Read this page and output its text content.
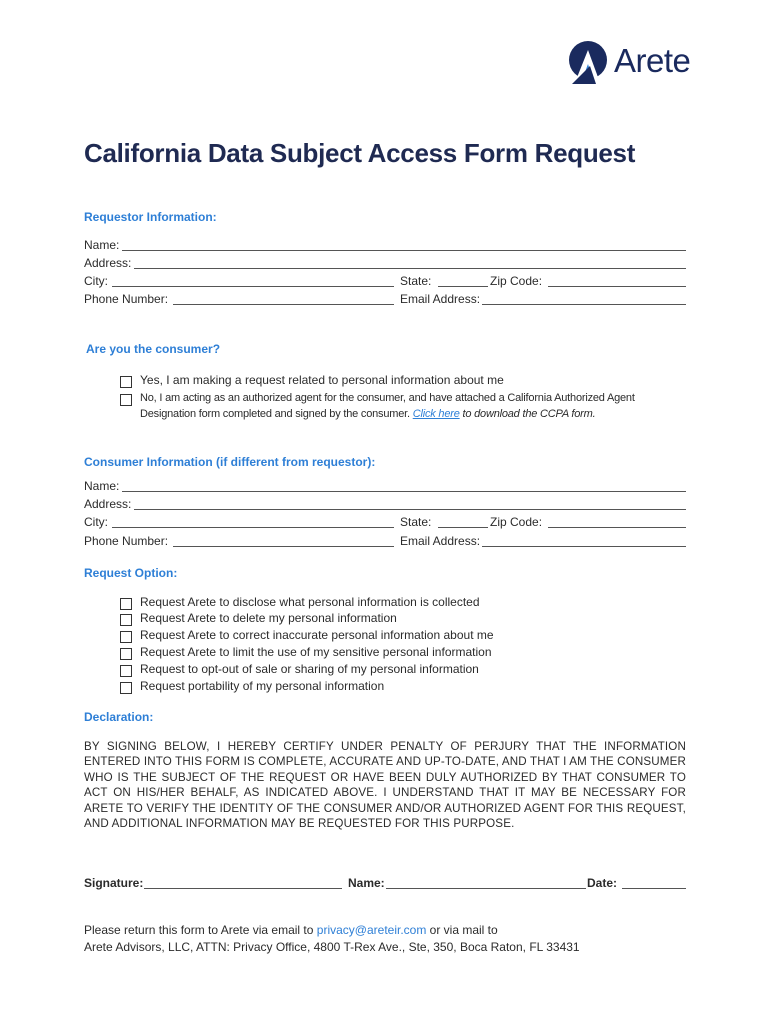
Arete
California Data Subject Access Form Request
Requestor Information:
Name:
Address:
City:	State:	Zip Code:
Phone Number:	Email Address:
Are you the consumer?
Yes, I am making a request related to personal information about me
No, I am acting as an authorized agent for the consumer, and have attached a California Authorized Agent
Designation form completed and signed by the consumer. Click here to download the CCPA form.
Consumer Information (if different from requestor):
Name:
Address:
City:	State:	Zip Code:
Phone Number:	Email Address:
Request Option:
Request Arete to disclose what personal information is collected
Request Arete to delete my personal information
Request Arete to correct inaccurate personal information about me
Request Arete to limit the use of my sensitive personal information
Request to opt-out of sale or sharing of my personal information
Request portability of my personal information
Declaration:
BY SIGNING BELOW, I HEREBY CERTIFY UNDER PENALTY OF PERJURY THAT THE INFORMATION ENTERED INTO THIS FORM IS COMPLETE, ACCURATE AND UP-TO-DATE, AND THAT I AM THE CONSUMER WHO IS THE SUBJECT OF THE REQUEST OR HAVE BEEN DULY AUTHORIZED BY THAT CONSUMER TO ACT ON HIS/HER BEHALF, AS INDICATED ABOVE. I UNDERSTAND THAT IT MAY BE NECESSARY FOR ARETE TO VERIFY THE IDENTITY OF THE CONSUMER AND/OR AUTHORIZED AGENT FOR THIS REQUEST, AND ADDITIONAL INFORMATION MAY BE REQUESTED FOR THIS PURPOSE.
Signature:	Name:	Date:
Please return this form to Arete via email to privacy@areteir.com or via mail to
Arete Advisors, LLC, ATTN: Privacy Office, 4800 T-Rex Ave., Ste, 350, Boca Raton, FL 33431
